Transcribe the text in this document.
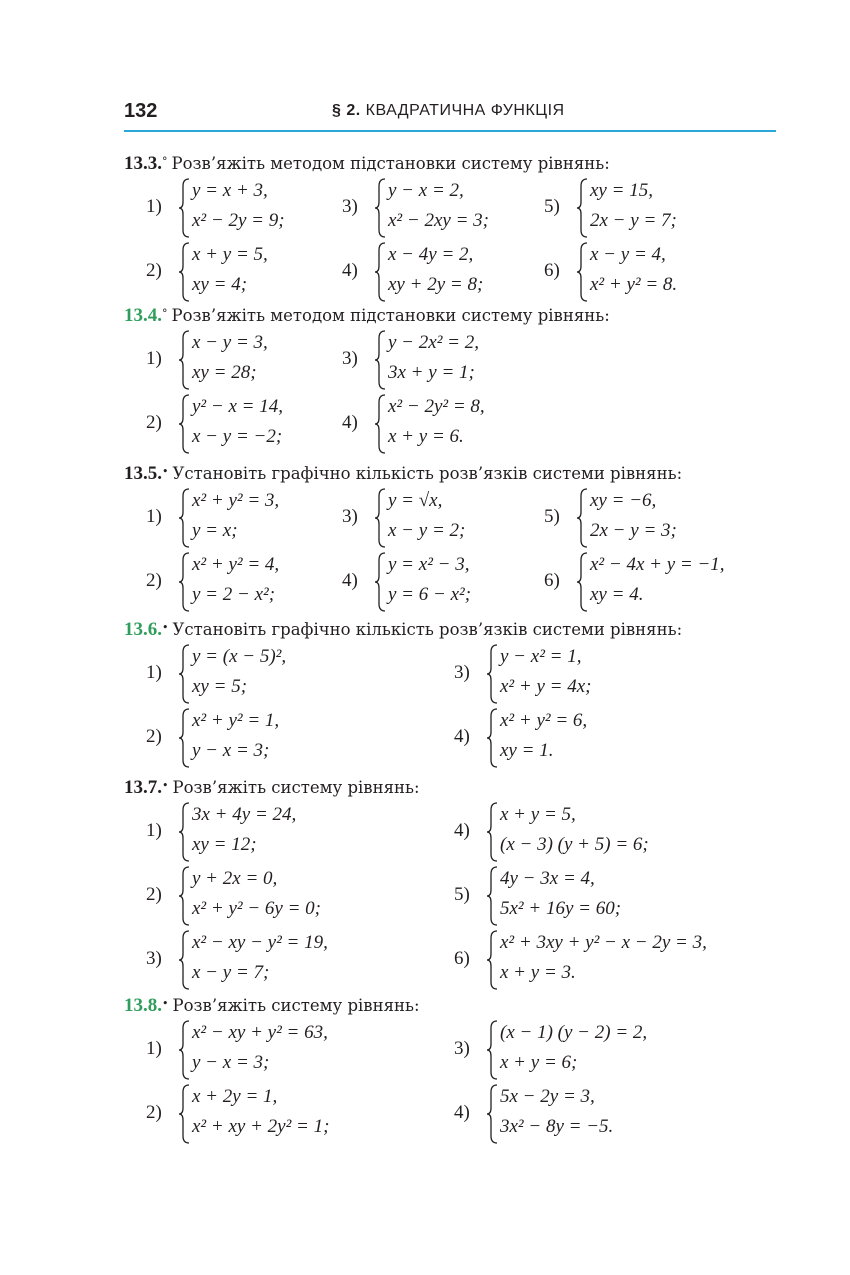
132	§ 2. КВАДРАТИЧНА ФУНКЦІЯ
13.3.° Розв’яжіть методом підстановки систему рівнянь:
1)
y = x + 3,
x² − 2y = 9;
3)
y − x = 2,
x² − 2xy = 3;
5)
xy = 15,
2x − y = 7;
2)
x + y = 5,
xy = 4;
4)
x − 4y = 2,
xy + 2y = 8;
6)
x − y = 4,
x² + y² = 8.
13.4.° Розв’яжіть методом підстановки систему рівнянь:
1)
x − y = 3,
xy = 28;
3)
y − 2x² = 2,
3x + y = 1;
2)
y² − x = 14,
x − y = −2;
4)
x² − 2y² = 8,
x + y = 6.
13.5.• Установіть графічно кількість розв’язків системи рівнянь:
1)
x² + y² = 3,
y = x;
3)
y = √x,
x − y = 2;
5)
xy = −6,
2x − y = 3;
2)
x² + y² = 4,
y = 2 − x²;
4)
y = x² − 3,
y = 6 − x²;
6)
x² − 4x + y = −1,
xy = 4.
13.6.• Установіть графічно кількість розв’язків системи рівнянь:
1)
y = (x − 5)²,
xy = 5;
3)
y − x² = 1,
x² + y = 4x;
2)
x² + y² = 1,
y − x = 3;
4)
x² + y² = 6,
xy = 1.
13.7.• Розв’яжіть систему рівнянь:
1)
3x + 4y = 24,
xy = 12;
4)
x + y = 5,
(x − 3) (y + 5) = 6;
2)
y + 2x = 0,
x² + y² − 6y = 0;
5)
4y − 3x = 4,
5x² + 16y = 60;
3)
x² − xy − y² = 19,
x − y = 7;
6)
x² + 3xy + y² − x − 2y = 3,
x + y = 3.
13.8.• Розв’яжіть систему рівнянь:
1)
x² − xy + y² = 63,
y − x = 3;
3)
(x − 1) (y − 2) = 2,
x + y = 6;
2)
x + 2y = 1,
x² + xy + 2y² = 1;
4)
5x − 2y = 3,
3x² − 8y = −5.
